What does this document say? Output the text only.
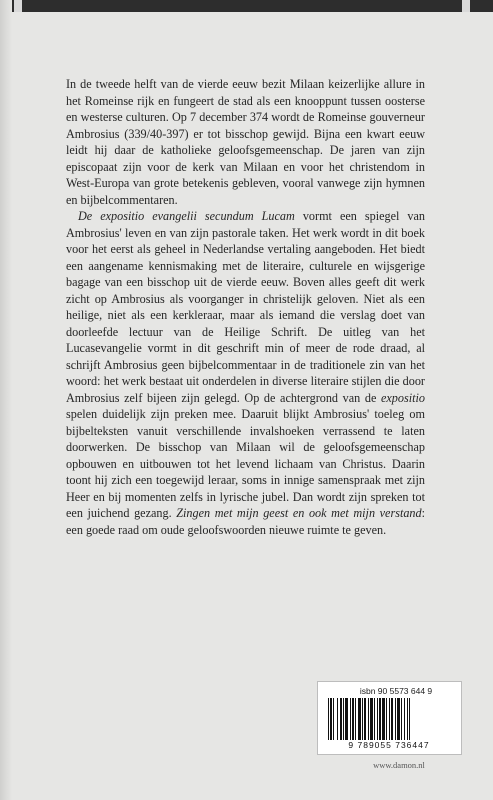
In de tweede helft van de vierde eeuw bezit Milaan keizerlijke allure in het Romeinse rijk en fungeert de stad als een knooppunt tussen oosterse en westerse culturen. Op 7 december 374 wordt de Romeinse gouverneur Ambrosius (339/40-397) er tot bisschop gewijd. Bijna een kwart eeuw leidt hij daar de katholieke geloofsgemeenschap. De jaren van zijn episcopaat zijn voor de kerk van Milaan en voor het christendom in West-Europa van grote betekenis gebleven, vooral vanwege zijn hymnen en bijbelcommentaren.

De expositio evangelii secundum Lucam vormt een spiegel van Ambrosius' leven en van zijn pastorale taken. Het werk wordt in dit boek voor het eerst als geheel in Nederlandse vertaling aangeboden. Het biedt een aangename kennismaking met de literaire, culturele en wijsgerige bagage van een bisschop uit de vierde eeuw. Boven alles geeft dit werk zicht op Ambrosius als voorganger in christelijk geloven. Niet als een heilige, niet als een kerkleraar, maar als iemand die verslag doet van doorleefde lectuur van de Heilige Schrift. De uitleg van het Lucasevangelie vormt in dit geschrift min of meer de rode draad, al schrijft Ambrosius geen bijbelcommentaar in de traditionele zin van het woord: het werk bestaat uit onderdelen in diverse literaire stijlen die door Ambrosius zelf bijeen zijn gelegd. Op de achtergrond van de expositio spelen duidelijk zijn preken mee. Daaruit blijkt Ambrosius' toeleg om bijbelteksten vanuit verschillende invalshoeken verrassend te laten doorwerken. De bisschop van Milaan wil de geloofsgemeenschap opbouwen en uitbouwen tot het levend lichaam van Christus. Daarin toont hij zich een toegewijd leraar, soms in innige samenspraak met zijn Heer en bij momenten zelfs in lyrische jubel. Dan wordt zijn spreken tot een juichend gezang. Zingen met mijn geest en ook met mijn verstand: een goede raad om oude geloofswoorden nieuwe ruimte te geven.

isbn 90 5573 644 9
9 789055 736447
www.damon.nl
